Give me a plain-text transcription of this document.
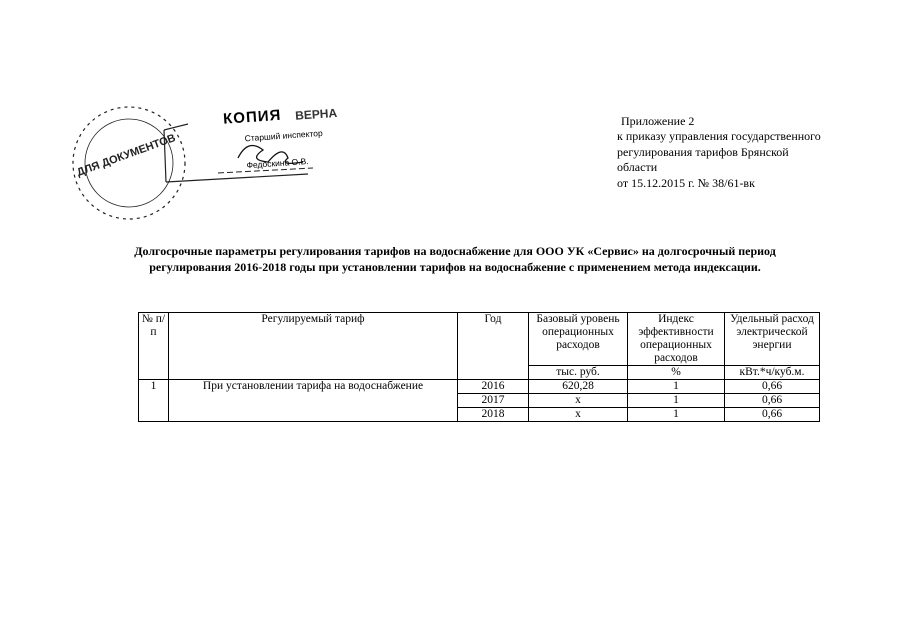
ДЛЯ ДОКУМЕНТОВ
КОПИЯ ВЕРНА
Старший инспектор
Федоскина О.В.
Приложение 2
к приказу управления государственного
регулирования тарифов Брянской
области
от 15.12.2015 г. № 38/61-вк
Долгосрочные параметры регулирования тарифов на водоснабжение для ООО УК «Сервис» на долгосрочный период
регулирования 2016-2018 годы при установлении тарифов на водоснабжение с применением метода индексации.
№ п/п	Регулируемый тариф	Год	Базовый уровень операционных расходов	Индекс эффективности операционных расходов	Удельный расход электрической энергии
			тыс. руб.	%	кВт.*ч/куб.м.
1	При установлении тарифа на водоснабжение	2016	620,28	1	0,66
		2017	х	1	0,66
		2018	х	1	0,66
